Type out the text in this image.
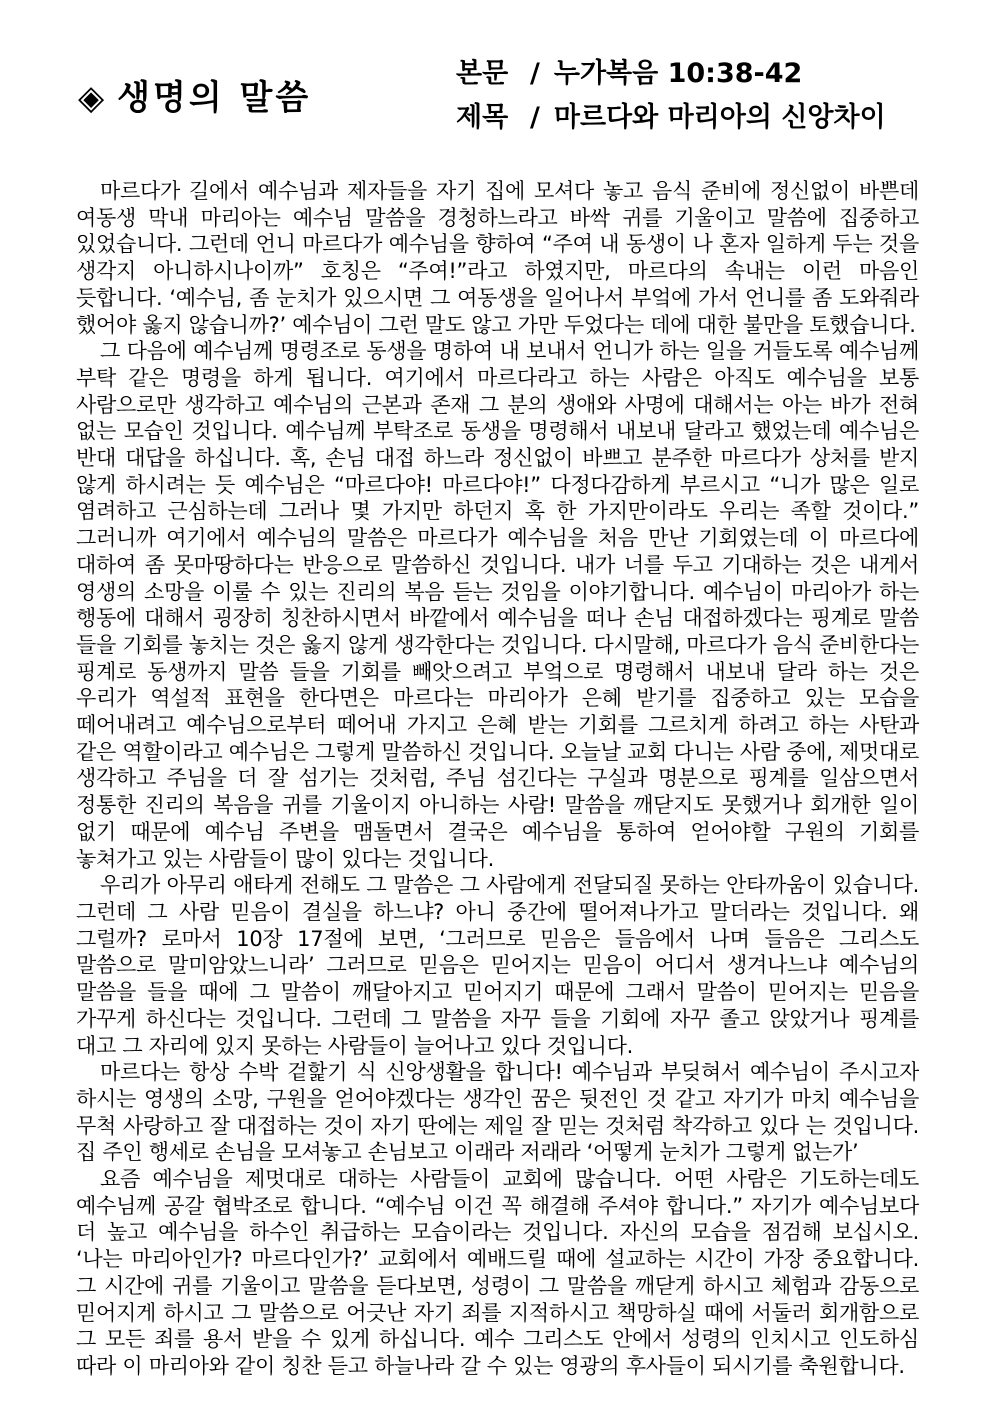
◈ 생명의 말씀
본문 / 누가복음 10:38-42
제목 / 마르다와 마리아의 신앙차이

마르다가 길에서 예수님과 제자들을 자기 집에 모셔다 놓고 음식 준비에 정신없이 바쁜데 여동생 막내 마리아는 예수님 말씀을 경청하느라고 바싹 귀를 기울이고 말씀에 집중하고 있었습니다. 그런데 언니 마르다가 예수님을 향하여 “주여 내 동생이 나 혼자 일하게 두는 것을 생각지 아니하시나이까” 호칭은 “주여!”라고 하였지만, 마르다의 속내는 이런 마음인 듯합니다. ‘예수님, 좀 눈치가 있으시면 그 여동생을 일어나서 부엌에 가서 언니를 좀 도와줘라 했어야 옳지 않습니까?’ 예수님이 그런 말도 않고 가만 두었다는 데에 대한 불만을 토했습니다.

그 다음에 예수님께 명령조로 동생을 명하여 내 보내서 언니가 하는 일을 거들도록 예수님께 부탁 같은 명령을 하게 됩니다. 여기에서 마르다라고 하는 사람은 아직도 예수님을 보통 사람으로만 생각하고 예수님의 근본과 존재 그 분의 생애와 사명에 대해서는 아는 바가 전혀 없는 모습인 것입니다. 예수님께 부탁조로 동생을 명령해서 내보내 달라고 했었는데 예수님은 반대 대답을 하십니다. 혹, 손님 대접 하느라 정신없이 바쁘고 분주한 마르다가 상처를 받지 않게 하시려는 듯 예수님은 “마르다야! 마르다야!” 다정다감하게 부르시고 “니가 많은 일로 염려하고 근심하는데 그러나 몇 가지만 하던지 혹 한 가지만이라도 우리는 족할 것이다.” 그러니까 여기에서 예수님의 말씀은 마르다가 예수님을 처음 만난 기회였는데 이 마르다에 대하여 좀 못마땅하다는 반응으로 말씀하신 것입니다. 내가 너를 두고 기대하는 것은 내게서 영생의 소망을 이룰 수 있는 진리의 복음 듣는 것임을 이야기합니다. 예수님이 마리아가 하는 행동에 대해서 굉장히 칭찬하시면서 바깥에서 예수님을 떠나 손님 대접하겠다는 핑계로 말씀 들을 기회를 놓치는 것은 옳지 않게 생각한다는 것입니다. 다시말해, 마르다가 음식 준비한다는 핑계로 동생까지 말씀 들을 기회를 빼앗으려고 부엌으로 명령해서 내보내 달라 하는 것은 우리가 역설적 표현을 한다면은 마르다는 마리아가 은혜 받기를 집중하고 있는 모습을 떼어내려고 예수님으로부터 떼어내 가지고 은혜 받는 기회를 그르치게 하려고 하는 사탄과 같은 역할이라고 예수님은 그렇게 말씀하신 것입니다. 오늘날 교회 다니는 사람 중에, 제멋대로 생각하고 주님을 더 잘 섬기는 것처럼, 주님 섬긴다는 구실과 명분으로 핑계를 일삼으면서 정통한 진리의 복음을 귀를 기울이지 아니하는 사람! 말씀을 깨닫지도 못했거나 회개한 일이 없기 때문에 예수님 주변을 맴돌면서 결국은 예수님을 통하여 얻어야할 구원의 기회를 놓쳐가고 있는 사람들이 많이 있다는 것입니다.

우리가 아무리 애타게 전해도 그 말씀은 그 사람에게 전달되질 못하는 안타까움이 있습니다. 그런데 그 사람 믿음이 결실을 하느냐? 아니 중간에 떨어져나가고 말더라는 것입니다. 왜 그럴까? 로마서 10장 17절에 보면, ‘그러므로 믿음은 들음에서 나며 들음은 그리스도 말씀으로 말미암았느니라’ 그러므로 믿음은 믿어지는 믿음이 어디서 생겨나느냐 예수님의 말씀을 들을 때에 그 말씀이 깨달아지고 믿어지기 때문에 그래서 말씀이 믿어지는 믿음을 가꾸게 하신다는 것입니다. 그런데 그 말씀을 자꾸 들을 기회에 자꾸 졸고 앉았거나 핑계를 대고 그 자리에 있지 못하는 사람들이 늘어나고 있다 것입니다.

마르다는 항상 수박 겉핥기 식 신앙생활을 합니다! 예수님과 부딪혀서 예수님이 주시고자 하시는 영생의 소망, 구원을 얻어야겠다는 생각인 꿈은 뒷전인 것 같고 자기가 마치 예수님을 무척 사랑하고 잘 대접하는 것이 자기 딴에는 제일 잘 믿는 것처럼 착각하고 있다 는 것입니다. 집 주인 행세로 손님을 모셔놓고 손님보고 이래라 저래라 ‘어떻게 눈치가 그렇게 없는가’

요즘 예수님을 제멋대로 대하는 사람들이 교회에 많습니다. 어떤 사람은 기도하는데도 예수님께 공갈 협박조로 합니다. “예수님 이건 꼭 해결해 주셔야 합니다.” 자기가 예수님보다 더 높고 예수님을 하수인 취급하는 모습이라는 것입니다. 자신의 모습을 점검해 보십시오. ‘나는 마리아인가? 마르다인가?’ 교회에서 예배드릴 때에 설교하는 시간이 가장 중요합니다. 그 시간에 귀를 기울이고 말씀을 듣다보면, 성령이 그 말씀을 깨닫게 하시고 체험과 감동으로 믿어지게 하시고 그 말씀으로 어긋난 자기 죄를 지적하시고 책망하실 때에 서둘러 회개함으로 그 모든 죄를 용서 받을 수 있게 하십니다. 예수 그리스도 안에서 성령의 인치시고 인도하심 따라 이 마리아와 같이 칭찬 듣고 하늘나라 갈 수 있는 영광의 후사들이 되시기를 축원합니다.
